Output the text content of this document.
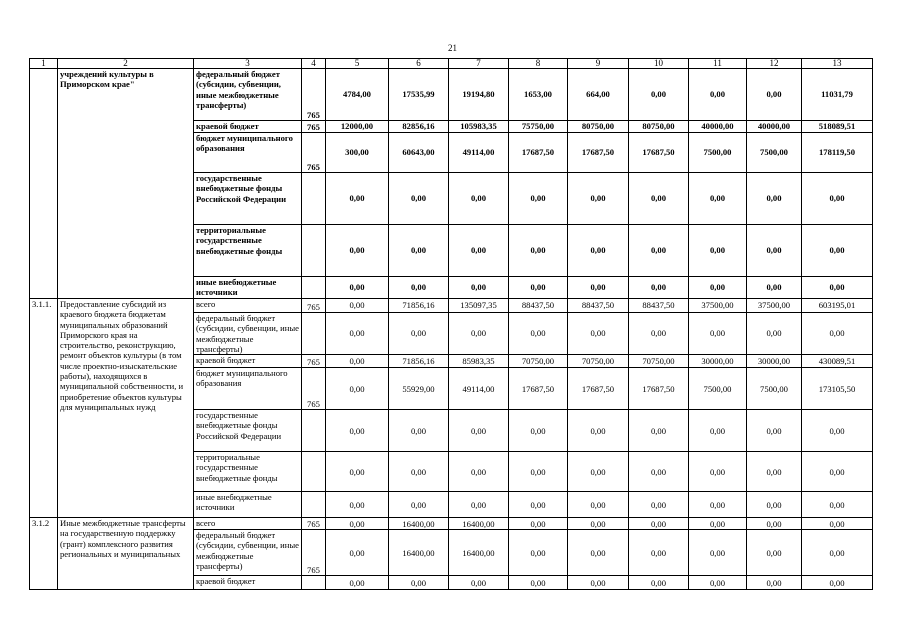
21
1	2	3	4	5	6	7	8	9	10	11	12	13
	учреждений культуры в Приморском крае"	федеральный бюджет (субсидии, субвенции, иные межбюджетные трансферты)	765	4784,00	17535,99	19194,80	1653,00	664,00	0,00	0,00	0,00	11031,79
		краевой бюджет	765	12000,00	82856,16	105983,35	75750,00	80750,00	80750,00	40000,00	40000,00	518089,51
		бюджет муниципального образования	765	300,00	60643,00	49114,00	17687,50	17687,50	17687,50	7500,00	7500,00	178119,50
		государственные внебюджетные фонды Российской Федерации		0,00	0,00	0,00	0,00	0,00	0,00	0,00	0,00	0,00
		территориальные государственные внебюджетные фонды		0,00	0,00	0,00	0,00	0,00	0,00	0,00	0,00	0,00
		иные внебюджетные источники		0,00	0,00	0,00	0,00	0,00	0,00	0,00	0,00	0,00
3.1.1.	Предоставление субсидий из краевого бюджета бюджетам муниципальных образований Приморского края на строительство, реконструкцию, ремонт объектов культуры (в том числе проектно-изыскательские работы), находящихся в муниципальной собственности, и приобретение объектов культуры для муниципальных нужд	всего	765	0,00	71856,16	135097,35	88437,50	88437,50	88437,50	37500,00	37500,00	603195,01
		федеральный бюджет (субсидии, субвенции, иные межбюджетные трансферты)		0,00	0,00	0,00	0,00	0,00	0,00	0,00	0,00	0,00
		краевой бюджет	765	0,00	71856,16	85983,35	70750,00	70750,00	70750,00	30000,00	30000,00	430089,51
		бюджет муниципального образования	765	0,00	55929,00	49114,00	17687,50	17687,50	17687,50	7500,00	7500,00	173105,50
		государственные внебюджетные фонды Российской Федерации		0,00	0,00	0,00	0,00	0,00	0,00	0,00	0,00	0,00
		территориальные государственные внебюджетные фонды		0,00	0,00	0,00	0,00	0,00	0,00	0,00	0,00	0,00
		иные внебюджетные источники		0,00	0,00	0,00	0,00	0,00	0,00	0,00	0,00	0,00
3.1.2	Иные межбюджетные трансферты на государственную поддержку (грант) комплексного развития региональных и муниципальных	всего	765	0,00	16400,00	16400,00	0,00	0,00	0,00	0,00	0,00	0,00
		федеральный бюджет (субсидии, субвенции, иные межбюджетные трансферты)	765	0,00	16400,00	16400,00	0,00	0,00	0,00	0,00	0,00	0,00
		краевой бюджет		0,00	0,00	0,00	0,00	0,00	0,00	0,00	0,00	0,00
